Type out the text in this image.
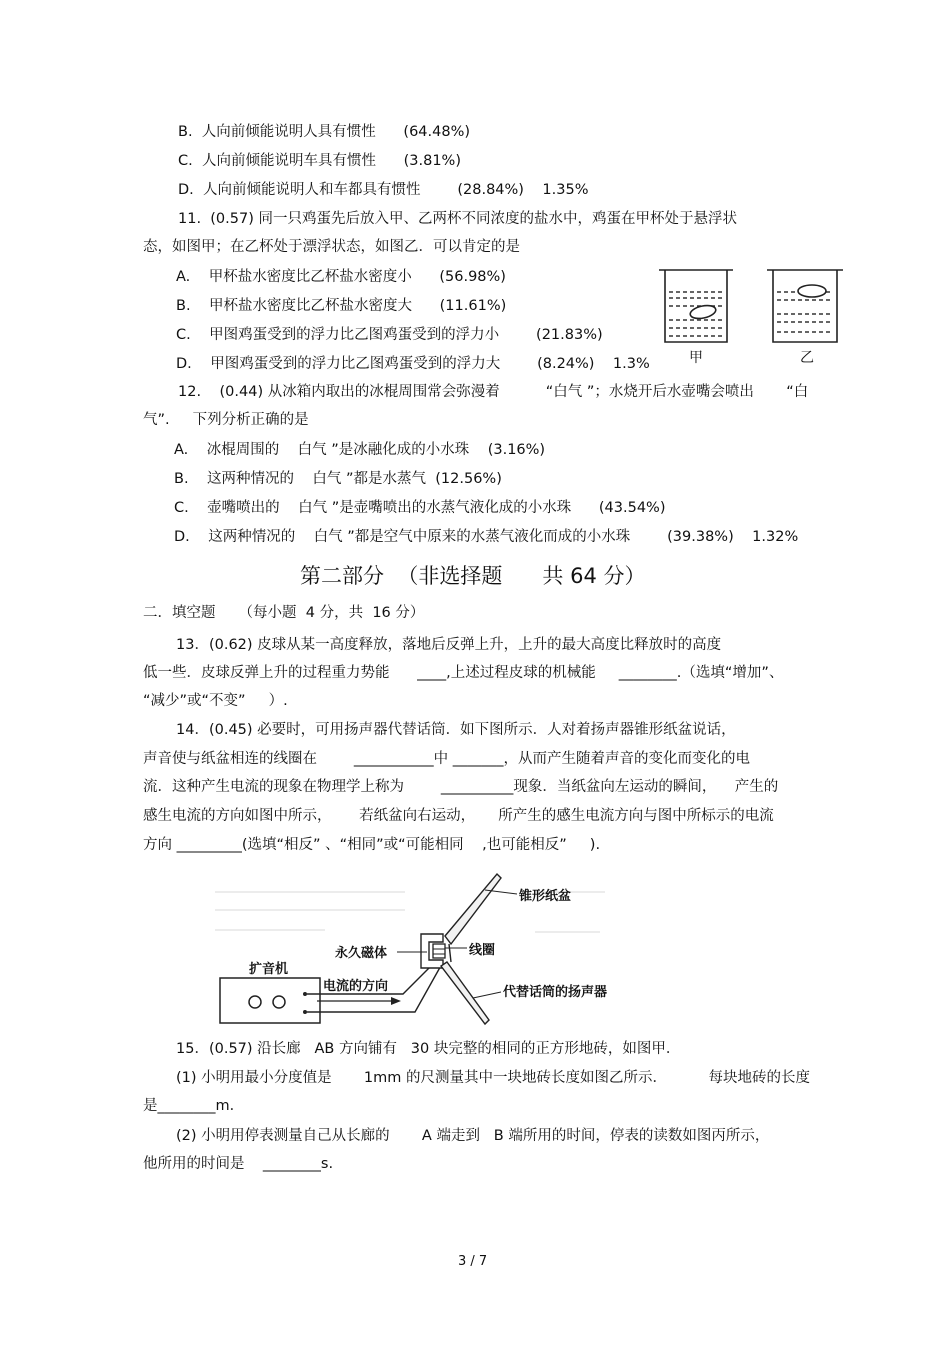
B.  人向前倾能说明人具有惯性      (64.48%)
C.  人向前倾能说明车具有惯性      (3.81%)
D.  人向前倾能说明人和车都具有惯性        (28.84%)    1.35%
11.  (0.57) 同一只鸡蛋先后放入甲、乙两杯不同浓度的盐水中，鸡蛋在甲杯处于悬浮状
态，如图甲；在乙杯处于漂浮状态，如图乙．可以肯定的是
A.    甲杯盐水密度比乙杯盐水密度小      (56.98%)
B.    甲杯盐水密度比乙杯盐水密度大      (11.61%)
C.    甲图鸡蛋受到的浮力比乙图鸡蛋受到的浮力小        (21.83%)
D.    甲图鸡蛋受到的浮力比乙图鸡蛋受到的浮力大        (8.24%)    1.3%
12.    (0.44) 从冰箱内取出的冰棍周围常会弥漫着          “白气 ”；水烧开后水壶嘴会喷出       “白
气”.     下列分析正确的是
A.    冰棍周围的    白气 ”是冰融化成的小水珠    (3.16%)
B.    这两种情况的    白气 ”都是水蒸气  (12.56%)
C.    壶嘴喷出的    白气 ”是壶嘴喷出的水蒸气液化成的小水珠      (43.54%)
D.    这两种情况的    白气 ”都是空气中原来的水蒸气液化而成的小水珠        (39.38%)    1.32%
第二部分  （非选择题      共 64 分）
二．填空题     （每小题  4 分，共  16 分）
13．(0.62) 皮球从某一高度释放，落地后反弹上升，上升的最大高度比释放时的高度
低一些．皮球反弹上升的过程重力势能      ____,上述过程皮球的机械能     ________.（选填“增加”、
“减少”或“不变”     ）.
14．(0.45) 必要时，可用扬声器代替话筒．如下图所示．人对着扬声器锥形纸盆说话，
声音使与纸盆相连的线圈在        ___________中 _______，从而产生随着声音的变化而变化的电
流．这种产生电流的现象在物理学上称为        __________现象．当纸盆向左运动的瞬间，    产生的
感生电流的方向如图中所示，      若纸盆向右运动，     所产生的感生电流方向与图中所标示的电流
方向 _________(选填“相反” 、“相同”或“可能相同    ,也可能相反”     ).
15．(0.57) 沿长廊   AB 方向铺有   30 块完整的相同的正方形地砖，如图甲．
(1) 小明用最小分度值是       1mm 的尺测量其中一块地砖长度如图乙所示．         每块地砖的长度
是________m．
(2) 小明用停表测量自己从长廊的       A 端走到   B 端所用的时间，停表的读数如图丙所示，
他所用的时间是    ________s.
3 / 7
甲	乙
锥形纸盆
永久磁体	线圈
扩音机
电流的方向	代替话筒的扬声器
